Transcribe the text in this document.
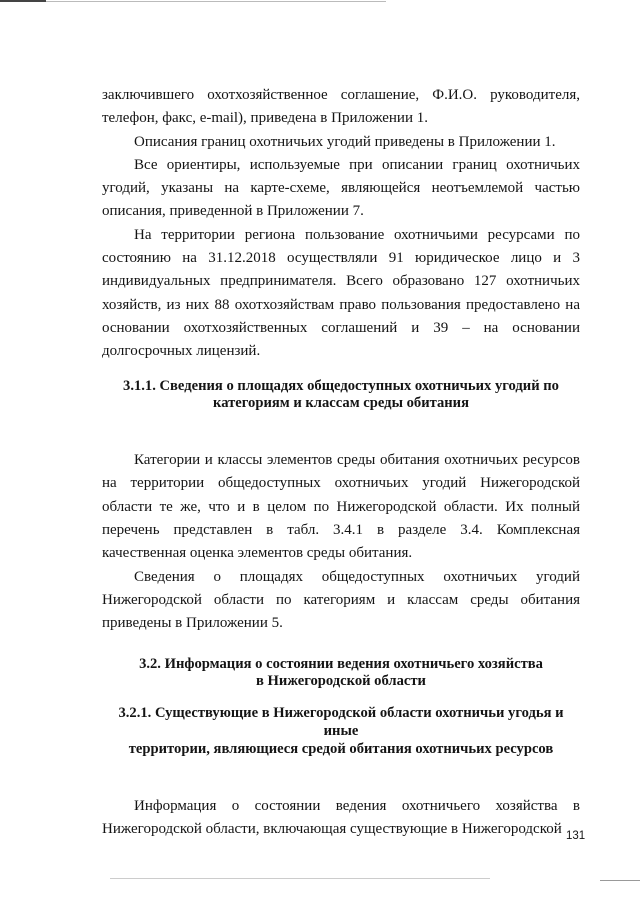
заключившего охотхозяйственное соглашение, Ф.И.О. руководителя, телефон, факс, e-mail), приведена в Приложении 1.

Описания границ охотничьих угодий приведены в Приложении 1.

Все ориентиры, используемые при описании границ охотничьих угодий, указаны на карте-схеме, являющейся неотъемлемой частью описания, приведенной в Приложении 7.

На территории региона пользование охотничьими ресурсами по состоянию на 31.12.2018 осуществляли 91 юридическое лицо и 3 индивидуальных предпринимателя. Всего образовано 127 охотничьих хозяйств, из них 88 охотхозяйствам право пользования предоставлено на основании охотхозяйственных соглашений и 39 – на основании долгосрочных лицензий.

3.1.1. Сведения о площадях общедоступных охотничьих угодий по
категориям и классам среды обитания

Категории и классы элементов среды обитания охотничьих ресурсов на территории общедоступных охотничьих угодий Нижегородской области те же, что и в целом по Нижегородской области. Их полный перечень представлен в табл. 3.4.1 в разделе 3.4. Комплексная качественная оценка элементов среды обитания.

Сведения о площадях общедоступных охотничьих угодий Нижегородской области по категориям и классам среды обитания приведены в Приложении 5.

3.2. Информация о состоянии ведения охотничьего хозяйства
в Нижегородской области
3.2.1. Существующие в Нижегородской области охотничьи угодья и иные
территории, являющиеся средой обитания охотничьих ресурсов

Информация о состоянии ведения охотничьего хозяйства в Нижегородской области, включающая существующие в Нижегородской 131
